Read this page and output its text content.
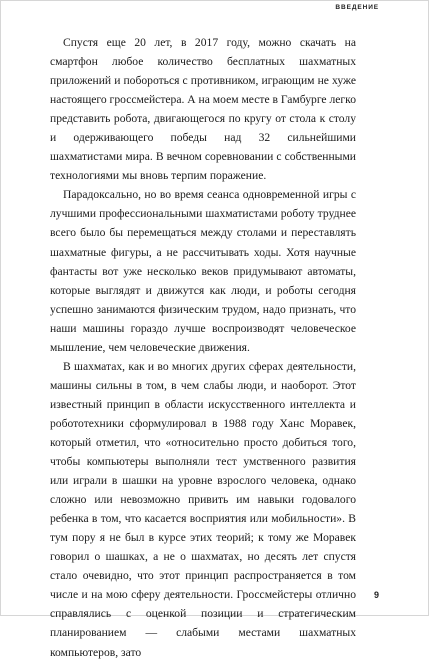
ВВЕДЕНИЕ

Спустя еще 20 лет, в 2017 году, можно скачать на смартфон любое количество бесплатных шахматных приложений и побороться с противником, играющим не хуже настоящего гроссмейстера. А на моем месте в Гамбурге легко представить робота, двигающегося по кругу от стола к столу и одерживающего победы над 32 сильнейшими шахматистами мира. В вечном соревновании с собственными технологиями мы вновь терпим поражение.

Парадоксально, но во время сеанса одновременной игры с лучшими профессиональными шахматистами роботу труднее всего было бы перемещаться между столами и переставлять шахматные фигуры, а не рассчитывать ходы. Хотя научные фантасты вот уже несколько веков придумывают автоматы, которые выглядят и движутся как люди, и роботы сегодня успешно занимаются физическим трудом, надо признать, что наши машины гораздо лучше воспроизводят человеческое мышление, чем человеческие движения.

В шахматах, как и во многих других сферах деятельности, машины сильны в том, в чем слабы люди, и наоборот. Этот известный принцип в области искусственного интеллекта и робототехники сформулировал в 1988 году Ханс Моравек, который отметил, что «относительно просто добиться того, чтобы компьютеры выполняли тест умственного развития или играли в шашки на уровне взрослого человека, однако сложно или невозможно привить им навыки годовалого ребенка в том, что касается восприятия или мобильности». В тум пору я не был в курсе этих теорий; к тому же Моравек говорил о шашках, а не о шахматах, но десять лет спустя стало очевидно, что этот принцип распространяется в том числе и на мою сферу деятельности. Гроссмейстеры отлично справлялись с оценкой позиции и стратегическим планированием — слабыми местами шахматных компьютеров, зато

9
